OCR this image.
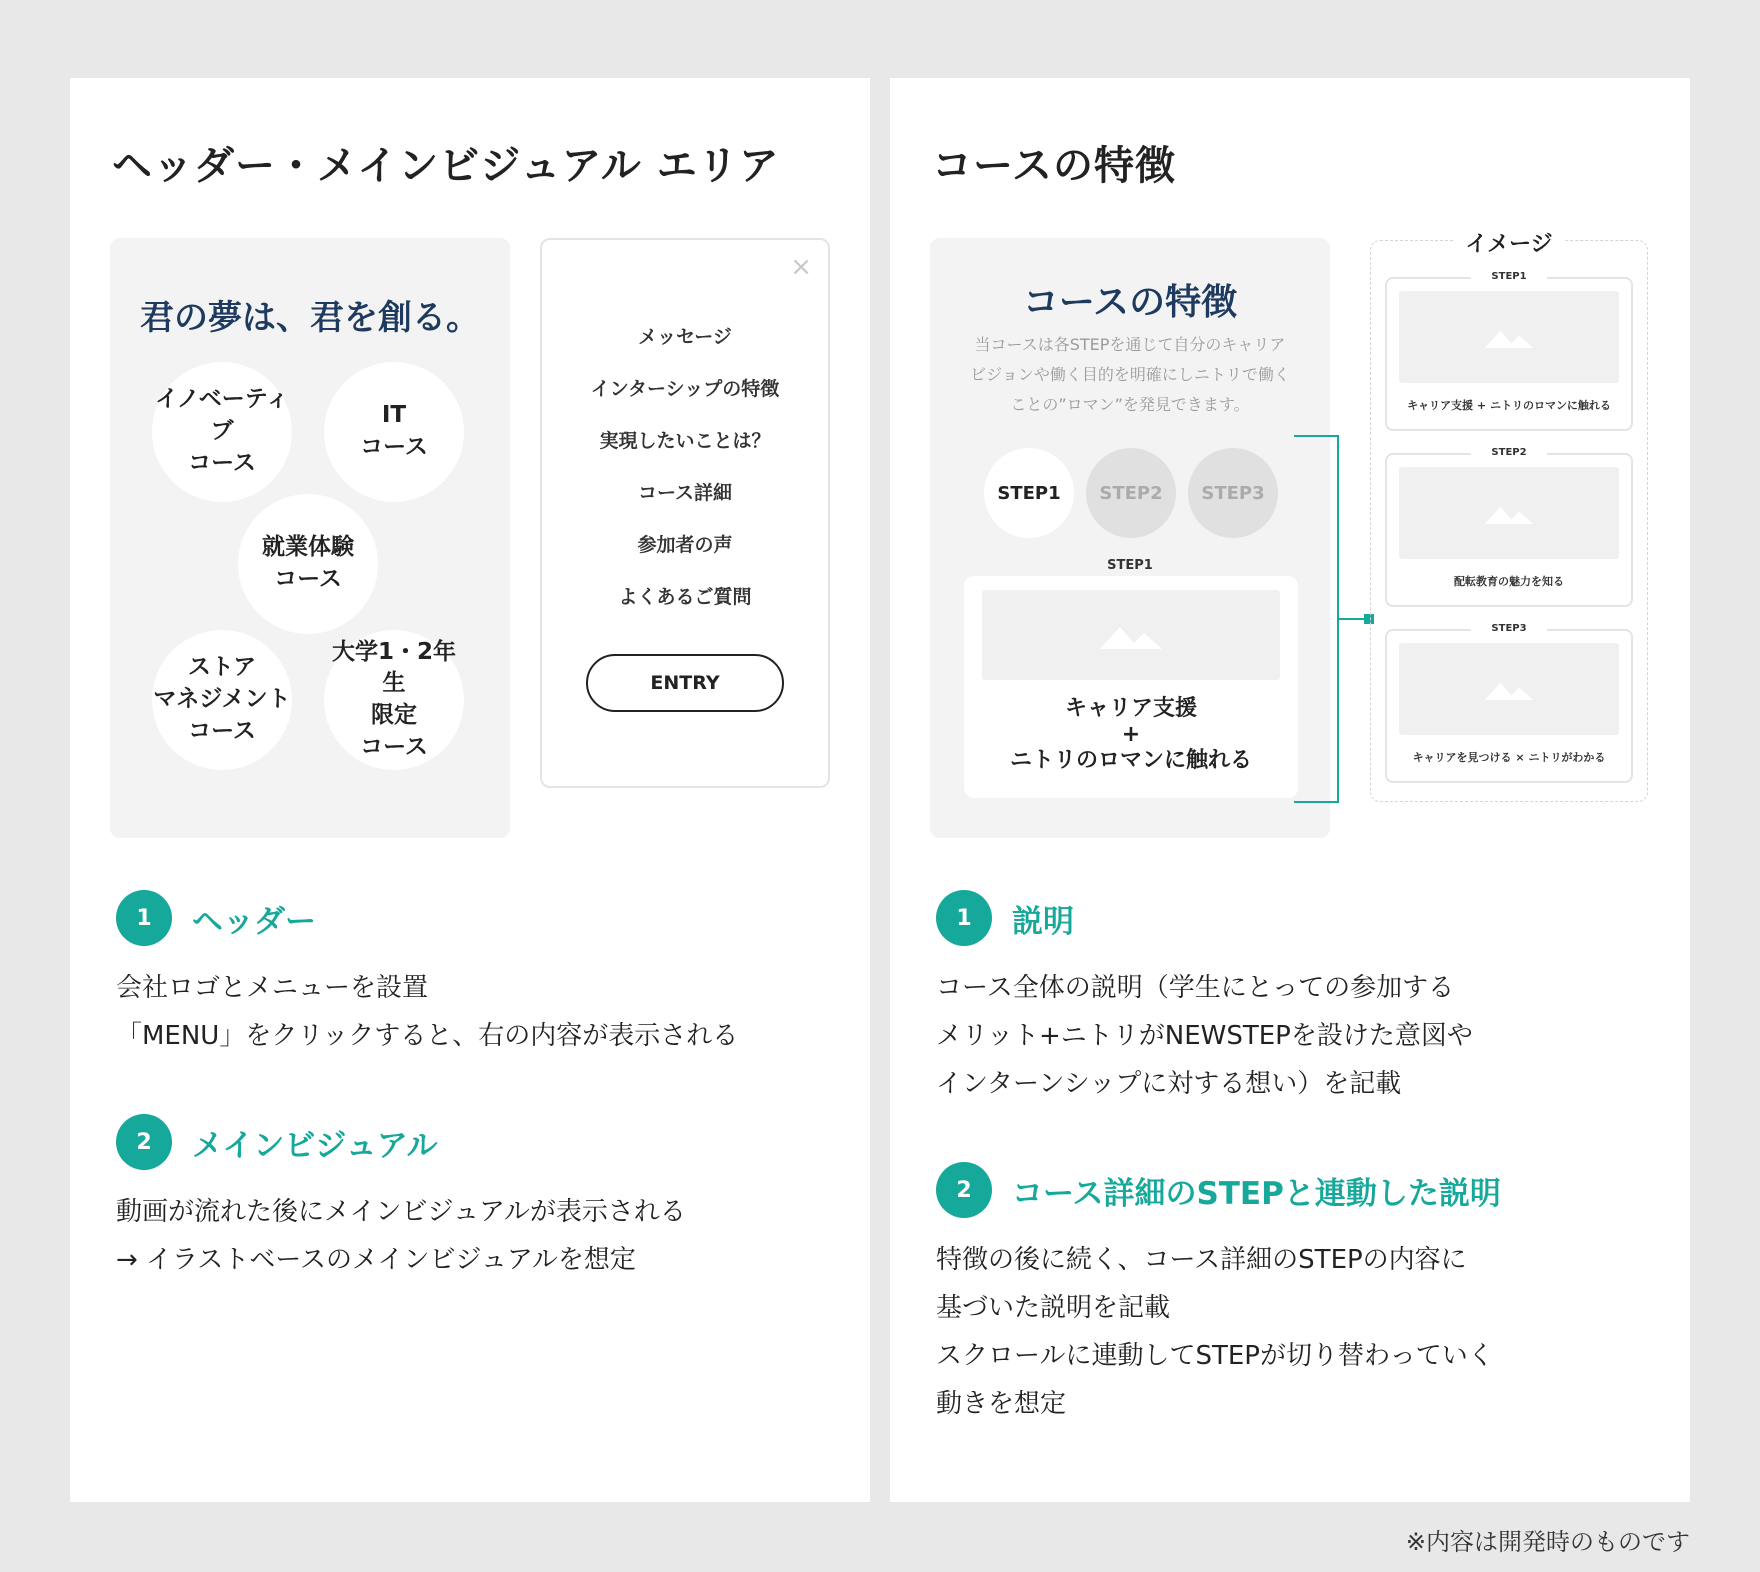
ヘッダー・メインビジュアル エリア
君の夢は、君を創る。
イノベーティブ
コース
IT
コース
就業体験
コース
ストア
マネジメント
コース
大学1・2年生
限定
コース
×
メッセージ
インターシップの特徴
実現したいことは？
コース詳細
参加者の声
よくあるご質問
ENTRY
1	ヘッダー
会社ロゴとメニューを設置
「MENU」をクリックすると、右の内容が表示される
2	メインビジュアル
動画が流れた後にメインビジュアルが表示される
→ イラストベースのメインビジュアルを想定
コースの特徴
コースの特徴
当コースは各STEPを通じて自分のキャリア
ビジョンや働く目的を明確にしニトリで働く
ことの”ロマン”を発見できます。
STEP1	STEP2	STEP3
STEP1
キャリア支援
+
ニトリのロマンに触れる
イメージ
STEP1
キャリア支援 + ニトリのロマンに触れる
STEP2
配転教育の魅力を知る
STEP3
キャリアを見つける × ニトリがわかる
1	説明
コース全体の説明（学生にとっての参加する
メリット+ニトリがNEWSTEPを設けた意図や
インターンシップに対する想い）を記載
2	コース詳細のSTEPと連動した説明
特徴の後に続く、コース詳細のSTEPの内容に
基づいた説明を記載
スクロールに連動してSTEPが切り替わっていく
動きを想定
※内容は開発時のものです
